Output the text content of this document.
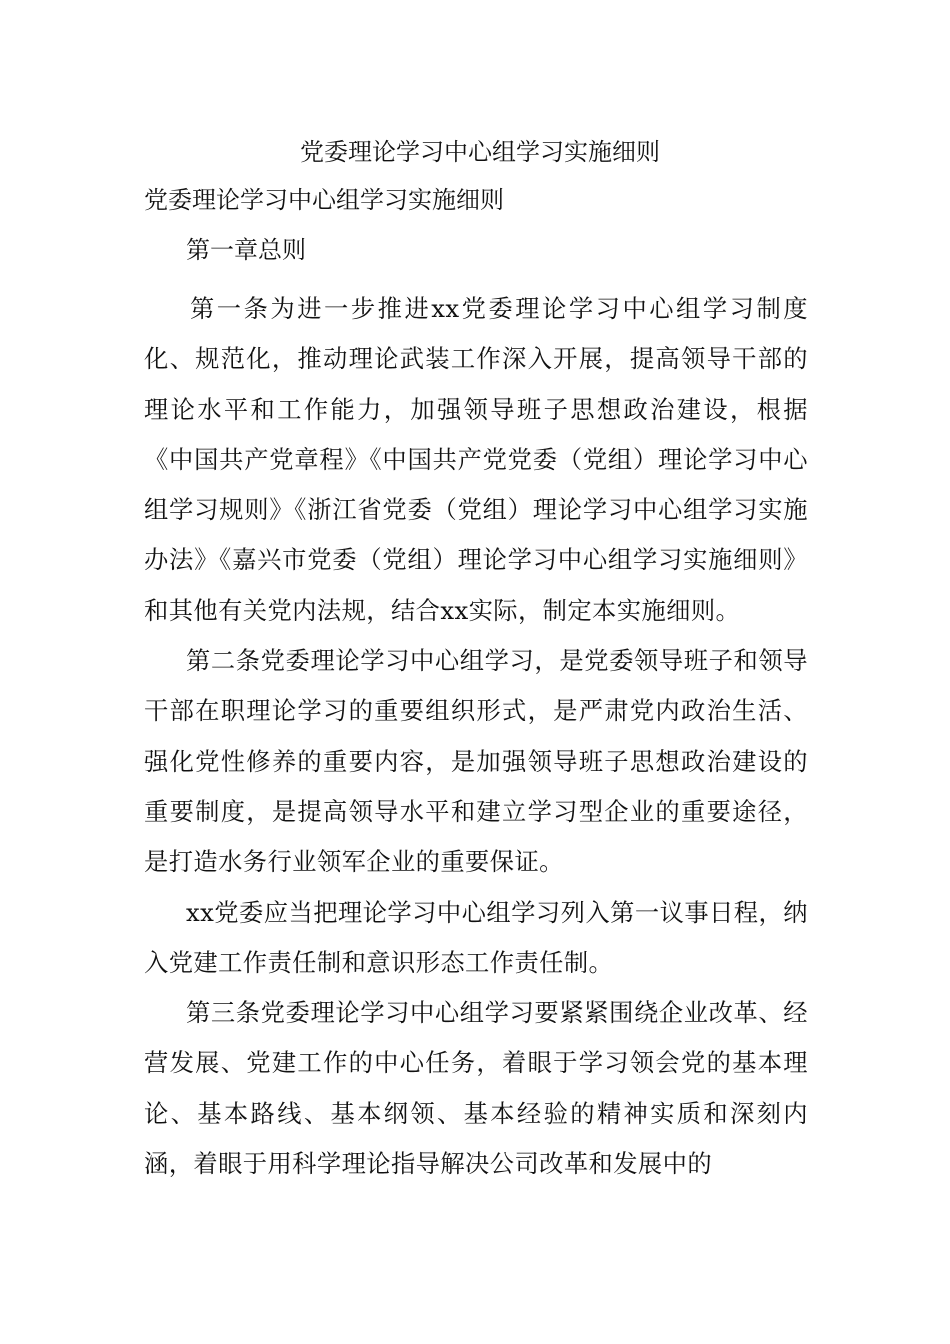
党委理论学习中心组学习实施细则

党委理论学习中心组学习实施细则

第一章总则

第一条为进一步推进xx党委理论学习中心组学习制度化、规范化，推动理论武装工作深入开展，提高领导干部的理论水平和工作能力，加强领导班子思想政治建设，根据《中国共产党章程》《中国共产党党委（党组）理论学习中心组学习规则》《浙江省党委（党组）理论学习中心组学习实施办法》《嘉兴市党委（党组）理论学习中心组学习实施细则》和其他有关党内法规，结合xx实际，制定本实施细则。

第二条党委理论学习中心组学习，是党委领导班子和领导干部在职理论学习的重要组织形式，是严肃党内政治生活、强化党性修养的重要内容，是加强领导班子思想政治建设的重要制度，是提高领导水平和建立学习型企业的重要途径，是打造水务行业领军企业的重要保证。

xx党委应当把理论学习中心组学习列入第一议事日程，纳入党建工作责任制和意识形态工作责任制。

第三条党委理论学习中心组学习要紧紧围绕企业改革、经营发展、党建工作的中心任务，着眼于学习领会党的基本理论、基本路线、基本纲领、基本经验的精神实质和深刻内涵，着眼于用科学理论指导解决公司改革和发展中的
